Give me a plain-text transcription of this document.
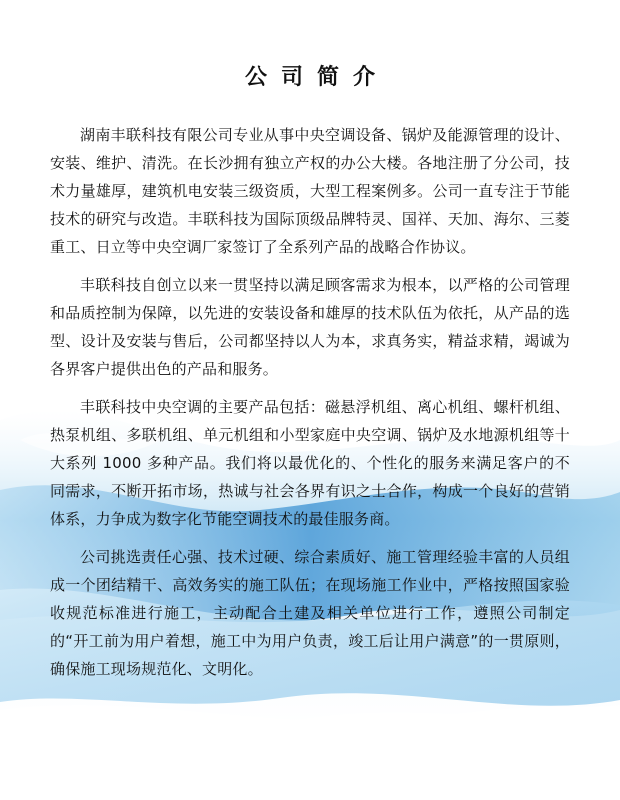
公司简介

湖南丰联科技有限公司专业从事中央空调设备、锅炉及能源管理的设计、安装、维护、清洗。在长沙拥有独立产权的办公大楼。各地注册了分公司，技术力量雄厚，建筑机电安装三级资质，大型工程案例多。公司一直专注于节能技术的研究与改造。丰联科技为国际顶级品牌特灵、国祥、天加、海尔、三菱重工、日立等中央空调厂家签订了全系列产品的战略合作协议。

丰联科技自创立以来一贯坚持以满足顾客需求为根本，以严格的公司管理和品质控制为保障，以先进的安装设备和雄厚的技术队伍为依托，从产品的选型、设计及安装与售后，公司都坚持以人为本，求真务实，精益求精，竭诚为各界客户提供出色的产品和服务。

丰联科技中央空调的主要产品包括：磁悬浮机组、离心机组、螺杆机组、热泵机组、多联机组、单元机组和小型家庭中央空调、锅炉及水地源机组等十大系列 1000 多种产品。我们将以最优化的、个性化的服务来满足客户的不同需求，不断开拓市场，热诚与社会各界有识之士合作，构成一个良好的营销体系，力争成为数字化节能空调技术的最佳服务商。

公司挑选责任心强、技术过硬、综合素质好、施工管理经验丰富的人员组成一个团结精干、高效务实的施工队伍；在现场施工作业中，严格按照国家验收规范标准进行施工，主动配合土建及相关单位进行工作，遵照公司制定的“开工前为用户着想，施工中为用户负责，竣工后让用户满意”的一贯原则，确保施工现场规范化、文明化。
